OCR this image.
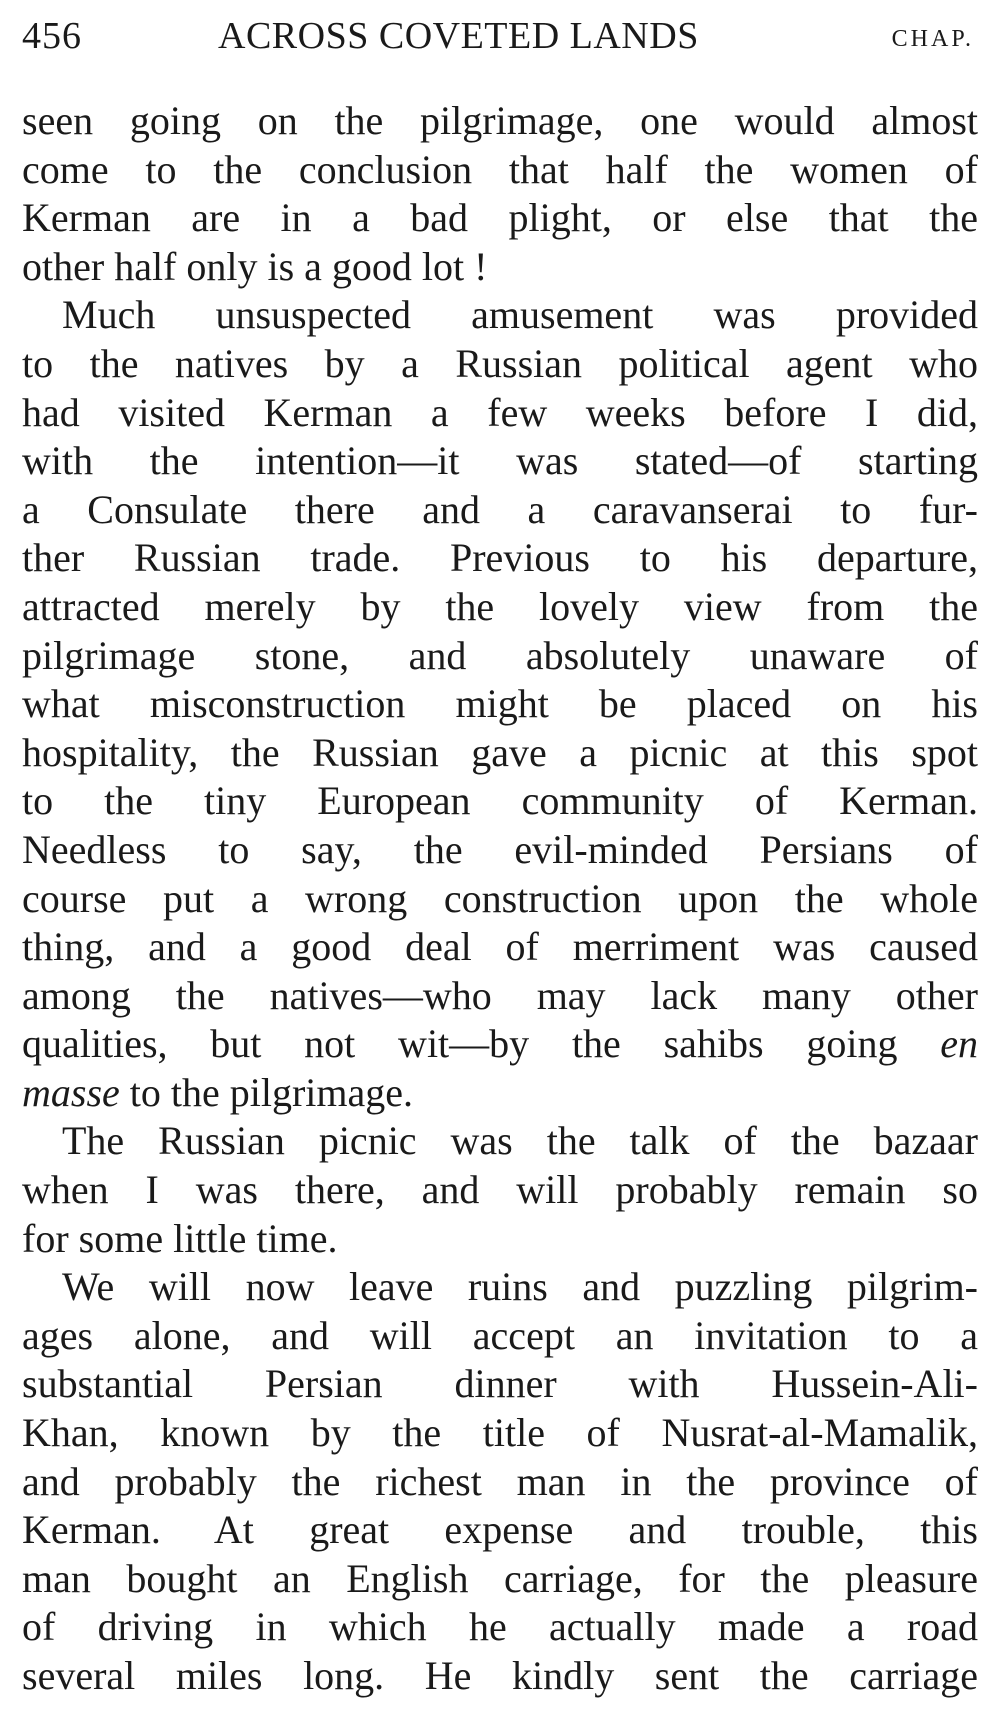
456	ACROSS COVETED LANDS	CHAP.
seen going on the pilgrimage, one would almost
come to the conclusion that half the women of
Kerman are in a bad plight, or else that the
other half only is a good lot !
Much unsuspected amusement was provided
to the natives by a Russian political agent who
had visited Kerman a few weeks before I did,
with the intention—it was stated—of starting
a Consulate there and a caravanserai to fur-
ther Russian trade. Previous to his departure,
attracted merely by the lovely view from the
pilgrimage stone, and absolutely unaware of
what misconstruction might be placed on his
hospitality, the Russian gave a picnic at this spot
to the tiny European community of Kerman.
Needless to say, the evil-minded Persians of
course put a wrong construction upon the whole
thing, and a good deal of merriment was caused
among the natives—who may lack many other
qualities, but not wit—by the sahibs going en
masse to the pilgrimage.
The Russian picnic was the talk of the bazaar
when I was there, and will probably remain so
for some little time.
We will now leave ruins and puzzling pilgrim-
ages alone, and will accept an invitation to a
substantial Persian dinner with Hussein-Ali-
Khan, known by the title of Nusrat-al-Mamalik,
and probably the richest man in the province of
Kerman. At great expense and trouble, this
man bought an English carriage, for the pleasure
of driving in which he actually made a road
several miles long. He kindly sent the carriage
